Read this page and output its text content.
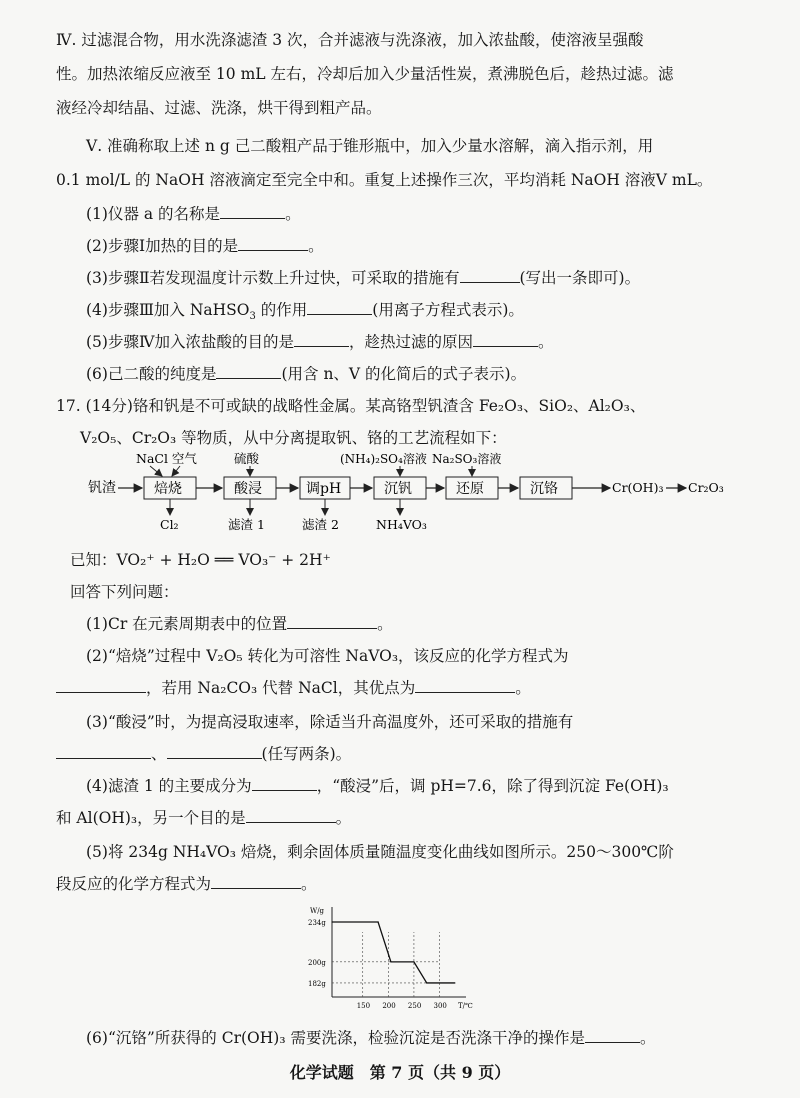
Ⅳ. 过滤混合物，用水洗涤滤渣 3 次，合并滤液与洗涤液，加入浓盐酸，使溶液呈强酸
性。加热浓缩反应液至 10 mL 左右，冷却后加入少量活性炭，煮沸脱色后，趁热过滤。滤
液经冷却结晶、过滤、洗涤，烘干得到粗产品。
Ⅴ. 准确称取上述 n g 己二酸粗产品于锥形瓶中，加入少量水溶解，滴入指示剂，用
0.1 mol/L 的 NaOH 溶液滴定至完全中和。重复上述操作三次，平均消耗 NaOH 溶液V mL。
(1)仪器 a 的名称是	。
(2)步骤Ⅰ加热的目的是	。
(3)步骤Ⅱ若发现温度计示数上升过快，可采取的措施有	(写出一条即可)。
(4)步骤Ⅲ加入 NaHSO$_3$ 的作用	(用离子方程式表示)。
(5)步骤Ⅳ加入浓盐酸的目的是	，趁热过滤的原因	。
(6)己二酸的纯度是	(用含 n、V 的化简后的式子表示)。
17. (14分)铬和钒是不可或缺的战略性金属。某高铬型钒渣含 Fe₂O₃、SiO₂、Al₂O₃、
V₂O₅、Cr₂O₃ 等物质，从中分离提取钒、铬的工艺流程如下：
钒渣	焙烧	酸浸	调pH	沉钒	还原	沉铬	Cr(OH)₃ Cr₂O₃
NaCl 空气	硫酸	(NH₄)₂SO₄溶液 Na₂SO₃溶液
Cl₂	滤渣 1	滤渣 2	NH₄VO₃
已知：VO₂⁺ + H₂O ══ VO₃⁻ + 2H⁺
回答下列问题：
(1)Cr 在元素周期表中的位置	。
(2)“焙烧”过程中 V₂O₅ 转化为可溶性 NaVO₃，该反应的化学方程式为
，若用 Na₂CO₃ 代替 NaCl，其优点为	。
(3)“酸浸”时，为提高浸取速率，除适当升高温度外，还可采取的措施有
、	(任写两条)。
(4)滤渣 1 的主要成分为	，“酸浸”后，调 pH=7.6，除了得到沉淀 Fe(OH)₃
和 Al(OH)₃，另一个目的是	。
(5)将 234g NH₄VO₃ 焙烧，剩余固体质量随温度变化曲线如图所示。250～300℃阶
段反应的化学方程式为	。
W/g
T/℃
234g
200g
182g
150 200 250 300
(6)“沉铬”所获得的 Cr(OH)₃ 需要洗涤，检验沉淀是否洗涤干净的操作是	。
化学试题　第 7 页（共 9 页）
